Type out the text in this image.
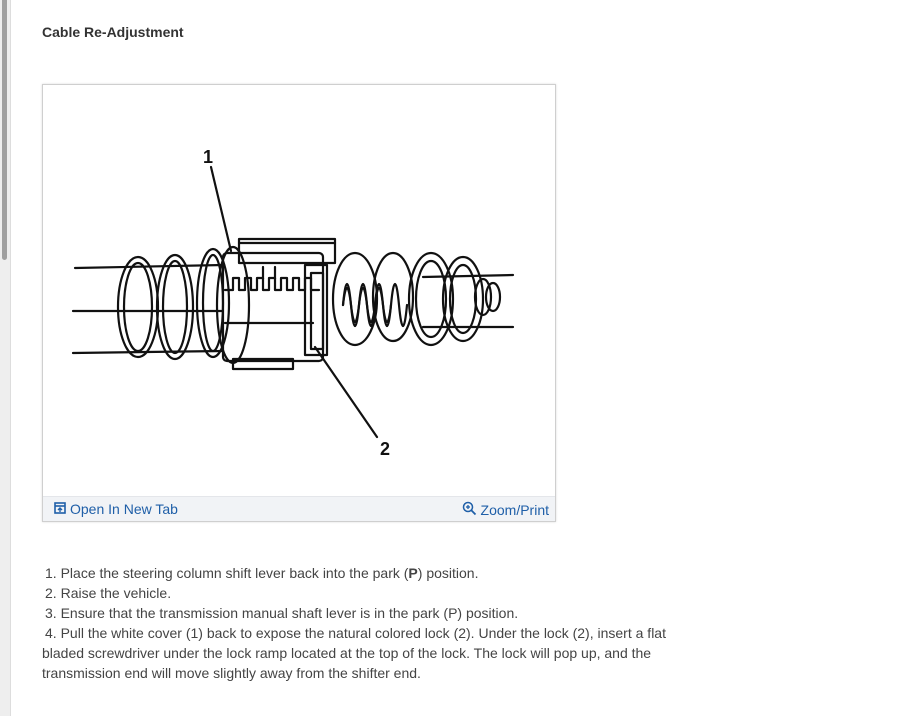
Cable Re-Adjustment
1
2
Open In New Tab	Zoom/Print

1. Place the steering column shift lever back into the park (P) position.

2. Raise the vehicle.

3. Ensure that the transmission manual shaft lever is in the park (P) position.

4. Pull the white cover (1) back to expose the natural colored lock (2). Under the lock (2), insert a flat bladed screwdriver under the lock ramp located at the top of the lock. The lock will pop up, and the transmission end will move slightly away from the shifter end.
